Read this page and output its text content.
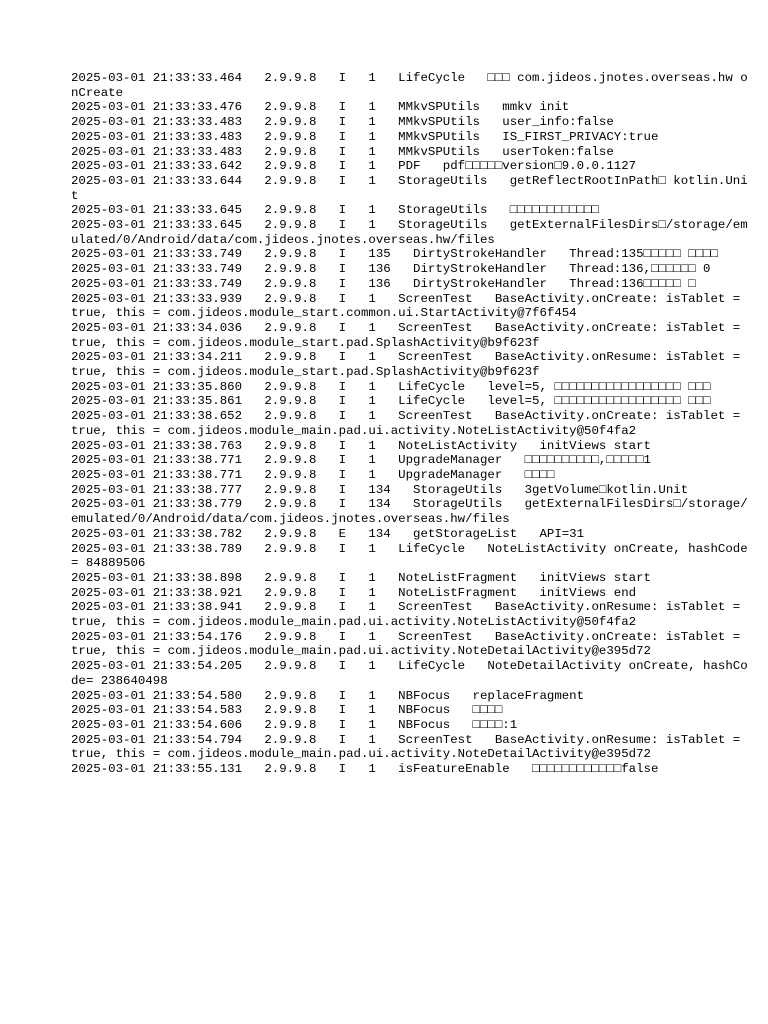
2025-03-01 21:33:33.464   2.9.9.8   I   1   LifeCycle   □□□ com.jideos.jnotes.overseas.hw onCreate
2025-03-01 21:33:33.476   2.9.9.8   I   1   MMkvSPUtils   mmkv init
2025-03-01 21:33:33.483   2.9.9.8   I   1   MMkvSPUtils   user_info:false
2025-03-01 21:33:33.483   2.9.9.8   I   1   MMkvSPUtils   IS_FIRST_PRIVACY:true
2025-03-01 21:33:33.483   2.9.9.8   I   1   MMkvSPUtils   userToken:false
2025-03-01 21:33:33.642   2.9.9.8   I   1   PDF   pdf□□□□□version□9.0.0.1127
2025-03-01 21:33:33.644   2.9.9.8   I   1   StorageUtils   getReflectRootInPath□ kotlin.Unit
2025-03-01 21:33:33.645   2.9.9.8   I   1   StorageUtils   □□□□□□□□□□□□
2025-03-01 21:33:33.645   2.9.9.8   I   1   StorageUtils   getExternalFilesDirs□/storage/emulated/0/Android/data/com.jideos.jnotes.overseas.hw/files
2025-03-01 21:33:33.749   2.9.9.8   I   135   DirtyStrokeHandler   Thread:135□□□□□ □□□□
2025-03-01 21:33:33.749   2.9.9.8   I   136   DirtyStrokeHandler   Thread:136,□□□□□□ 0
2025-03-01 21:33:33.749   2.9.9.8   I   136   DirtyStrokeHandler   Thread:136□□□□□ □
2025-03-01 21:33:33.939   2.9.9.8   I   1   ScreenTest   BaseActivity.onCreate: isTablet = true, this = com.jideos.module_start.common.ui.StartActivity@7f6f454
2025-03-01 21:33:34.036   2.9.9.8   I   1   ScreenTest   BaseActivity.onCreate: isTablet = true, this = com.jideos.module_start.pad.SplashActivity@b9f623f
2025-03-01 21:33:34.211   2.9.9.8   I   1   ScreenTest   BaseActivity.onResume: isTablet = true, this = com.jideos.module_start.pad.SplashActivity@b9f623f
2025-03-01 21:33:35.860   2.9.9.8   I   1   LifeCycle   level=5, □□□□□□□□□□□□□□□□□ □□□
2025-03-01 21:33:35.861   2.9.9.8   I   1   LifeCycle   level=5, □□□□□□□□□□□□□□□□□ □□□
2025-03-01 21:33:38.652   2.9.9.8   I   1   ScreenTest   BaseActivity.onCreate: isTablet = true, this = com.jideos.module_main.pad.ui.activity.NoteListActivity@50f4fa2
2025-03-01 21:33:38.763   2.9.9.8   I   1   NoteListActivity   initViews start
2025-03-01 21:33:38.771   2.9.9.8   I   1   UpgradeManager   □□□□□□□□□□,□□□□□1
2025-03-01 21:33:38.771   2.9.9.8   I   1   UpgradeManager   □□□□
2025-03-01 21:33:38.777   2.9.9.8   I   134   StorageUtils   3getVolume□kotlin.Unit
2025-03-01 21:33:38.779   2.9.9.8   I   134   StorageUtils   getExternalFilesDirs□/storage/emulated/0/Android/data/com.jideos.jnotes.overseas.hw/files
2025-03-01 21:33:38.782   2.9.9.8   E   134   getStorageList   API=31
2025-03-01 21:33:38.789   2.9.9.8   I   1   LifeCycle   NoteListActivity onCreate, hashCode= 84889506
2025-03-01 21:33:38.898   2.9.9.8   I   1   NoteListFragment   initViews start
2025-03-01 21:33:38.921   2.9.9.8   I   1   NoteListFragment   initViews end
2025-03-01 21:33:38.941   2.9.9.8   I   1   ScreenTest   BaseActivity.onResume: isTablet = true, this = com.jideos.module_main.pad.ui.activity.NoteListActivity@50f4fa2
2025-03-01 21:33:54.176   2.9.9.8   I   1   ScreenTest   BaseActivity.onCreate: isTablet = true, this = com.jideos.module_main.pad.ui.activity.NoteDetailActivity@e395d72
2025-03-01 21:33:54.205   2.9.9.8   I   1   LifeCycle   NoteDetailActivity onCreate, hashCode= 238640498
2025-03-01 21:33:54.580   2.9.9.8   I   1   NBFocus   replaceFragment
2025-03-01 21:33:54.583   2.9.9.8   I   1   NBFocus   □□□□
2025-03-01 21:33:54.606   2.9.9.8   I   1   NBFocus   □□□□:1
2025-03-01 21:33:54.794   2.9.9.8   I   1   ScreenTest   BaseActivity.onResume: isTablet = true, this = com.jideos.module_main.pad.ui.activity.NoteDetailActivity@e395d72
2025-03-01 21:33:55.131   2.9.9.8   I   1   isFeatureEnable   □□□□□□□□□□□□false
